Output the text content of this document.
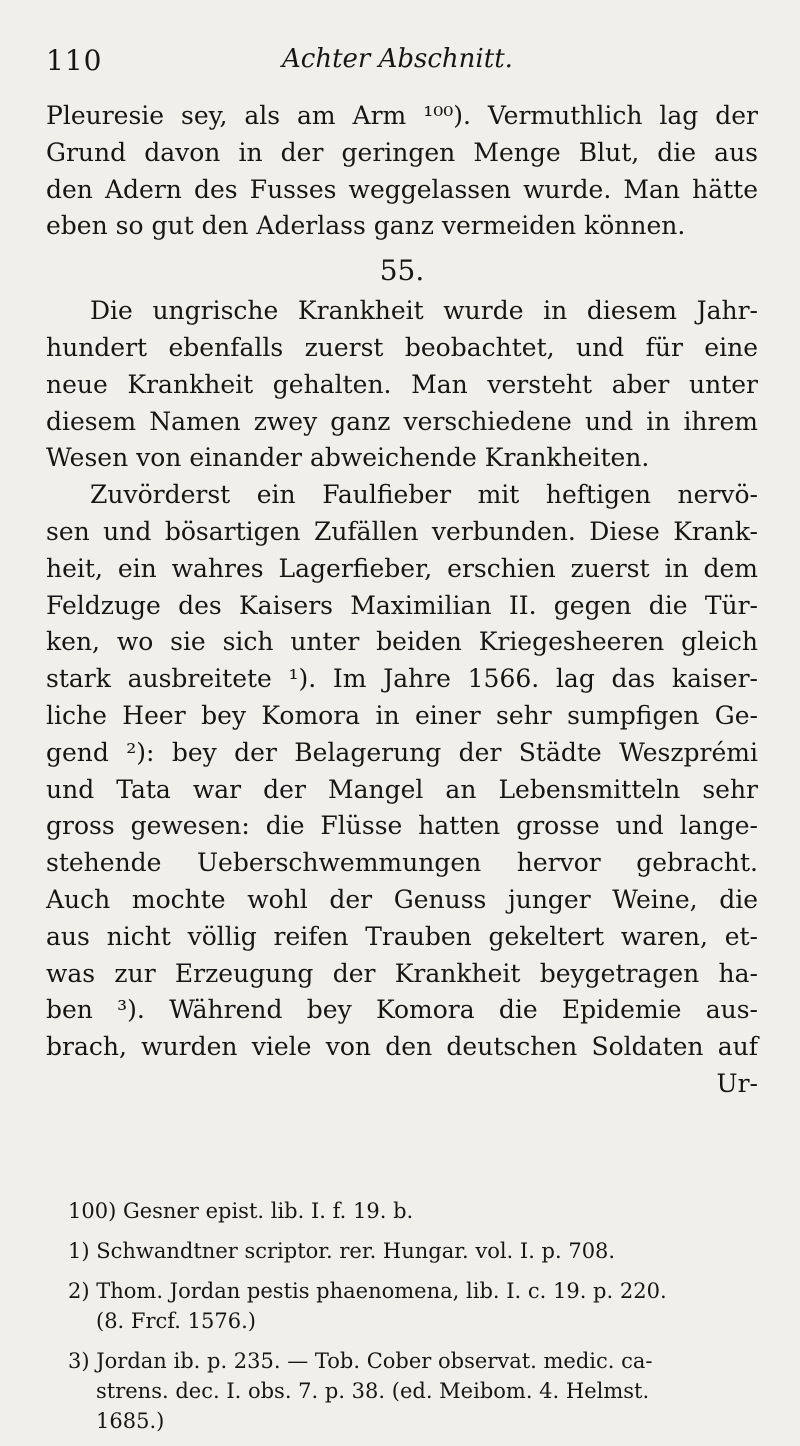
110	Achter Abschnitt.
Pleuresie sey, als am Arm ¹⁰⁰). Vermuthlich lag der
Grund davon in der geringen Menge Blut, die aus
den Adern des Fusses weggelassen wurde. Man hätte
eben so gut den Aderlass ganz vermeiden können.
55.
Die ungrische Krankheit wurde in diesem Jahr-
hundert ebenfalls zuerst beobachtet, und für eine
neue Krankheit gehalten. Man versteht aber unter
diesem Namen zwey ganz verschiedene und in ihrem
Wesen von einander abweichende Krankheiten.
Zuvörderst ein Faulfieber mit heftigen nervö-
sen und bösartigen Zufällen verbunden. Diese Krank-
heit, ein wahres Lagerfieber, erschien zuerst in dem
Feldzuge des Kaisers Maximilian II. gegen die Tür-
ken, wo sie sich unter beiden Kriegesheeren gleich
stark ausbreitete ¹). Im Jahre 1566. lag das kaiser-
liche Heer bey Komora in einer sehr sumpfigen Ge-
gend ²): bey der Belagerung der Städte Weszprémi
und Tata war der Mangel an Lebensmitteln sehr
gross gewesen: die Flüsse hatten grosse und lange-
stehende Ueberschwemmungen hervor gebracht.
Auch mochte wohl der Genuss junger Weine, die
aus nicht völlig reifen Trauben gekeltert waren, et-
was zur Erzeugung der Krankheit beygetragen ha-
ben ³). Während bey Komora die Epidemie aus-
brach, wurden viele von den deutschen Soldaten auf
Ur-
100) Gesner epist. lib. I. f. 19. b.
1) Schwandtner scriptor. rer. Hungar. vol. I. p. 708.
2) Thom. Jordan pestis phaenomena, lib. I. c. 19. p. 220.
(8. Frcf. 1576.)
3) Jordan ib. p. 235. — Tob. Cober observat. medic. ca-
strens. dec. I. obs. 7. p. 38. (ed. Meibom. 4. Helmst.
1685.)
